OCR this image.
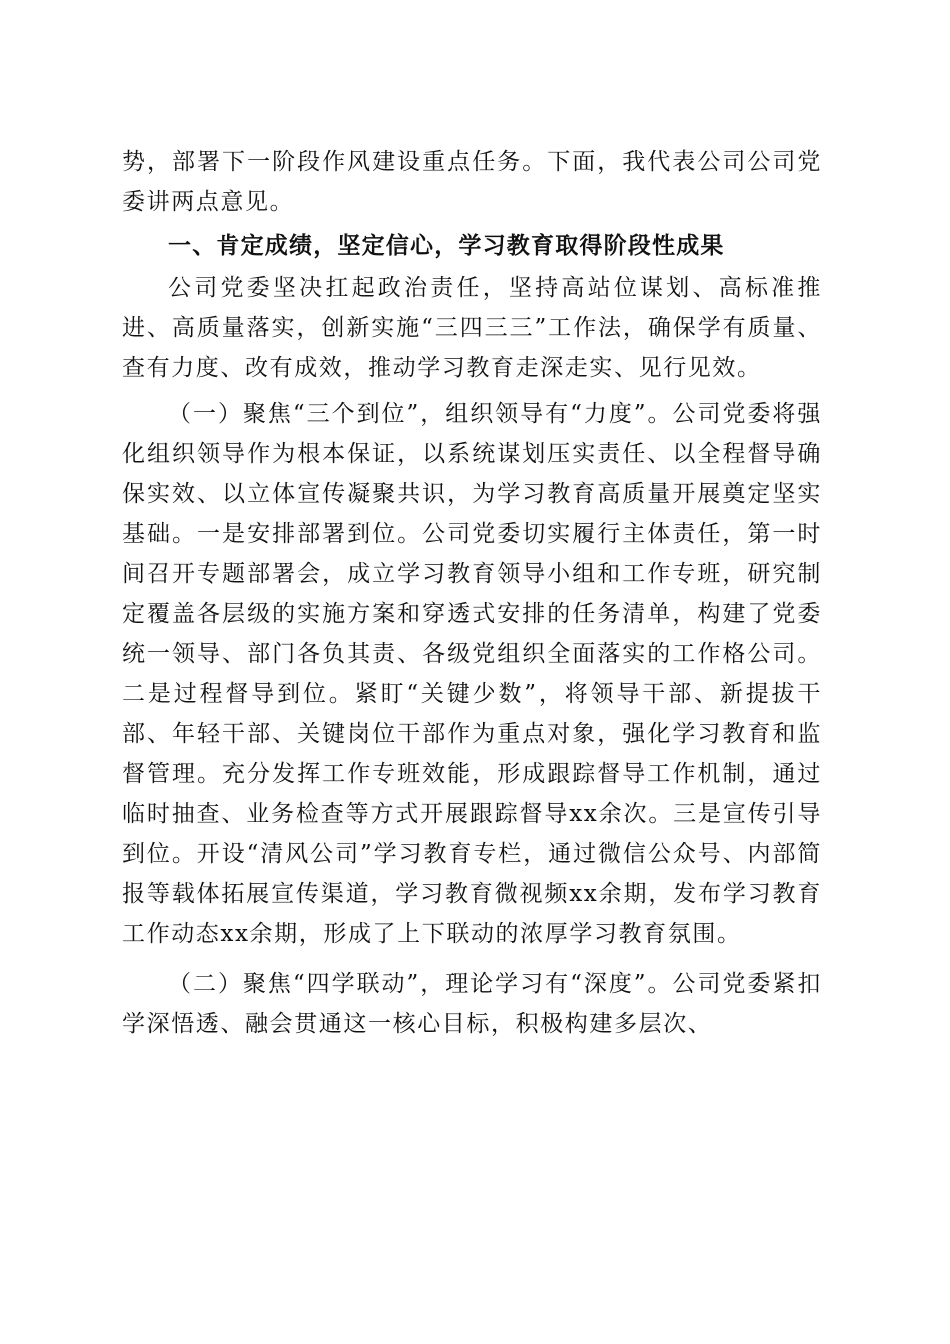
势，部署下一阶段作风建设重点任务。下面，我代表公司公司党委讲两点意见。

一、肯定成绩，坚定信心，学习教育取得阶段性成果

公司党委坚决扛起政治责任，坚持高站位谋划、高标准推进、高质量落实，创新实施“三四三三”工作法，确保学有质量、查有力度、改有成效，推动学习教育走深走实、见行见效。

（一）聚焦“三个到位”，组织领导有“力度”。公司党委将强化组织领导作为根本保证，以系统谋划压实责任、以全程督导确保实效、以立体宣传凝聚共识，为学习教育高质量开展奠定坚实基础。一是安排部署到位。公司党委切实履行主体责任，第一时间召开专题部署会，成立学习教育领导小组和工作专班，研究制定覆盖各层级的实施方案和穿透式安排的任务清单，构建了党委统一领导、部门各负其责、各级党组织全面落实的工作格公司。二是过程督导到位。紧盯“关键少数”，将领导干部、新提拔干部、年轻干部、关键岗位干部作为重点对象，强化学习教育和监督管理。充分发挥工作专班效能，形成跟踪督导工作机制，通过临时抽查、业务检查等方式开展跟踪督导xx余次。三是宣传引导到位。开设“清风公司”学习教育专栏，通过微信公众号、内部简报等载体拓展宣传渠道，学习教育微视频xx余期，发布学习教育工作动态xx余期，形成了上下联动的浓厚学习教育氛围。

（二）聚焦“四学联动”，理论学习有“深度”。公司党委紧扣学深悟透、融会贯通这一核心目标，积极构建多层次、
